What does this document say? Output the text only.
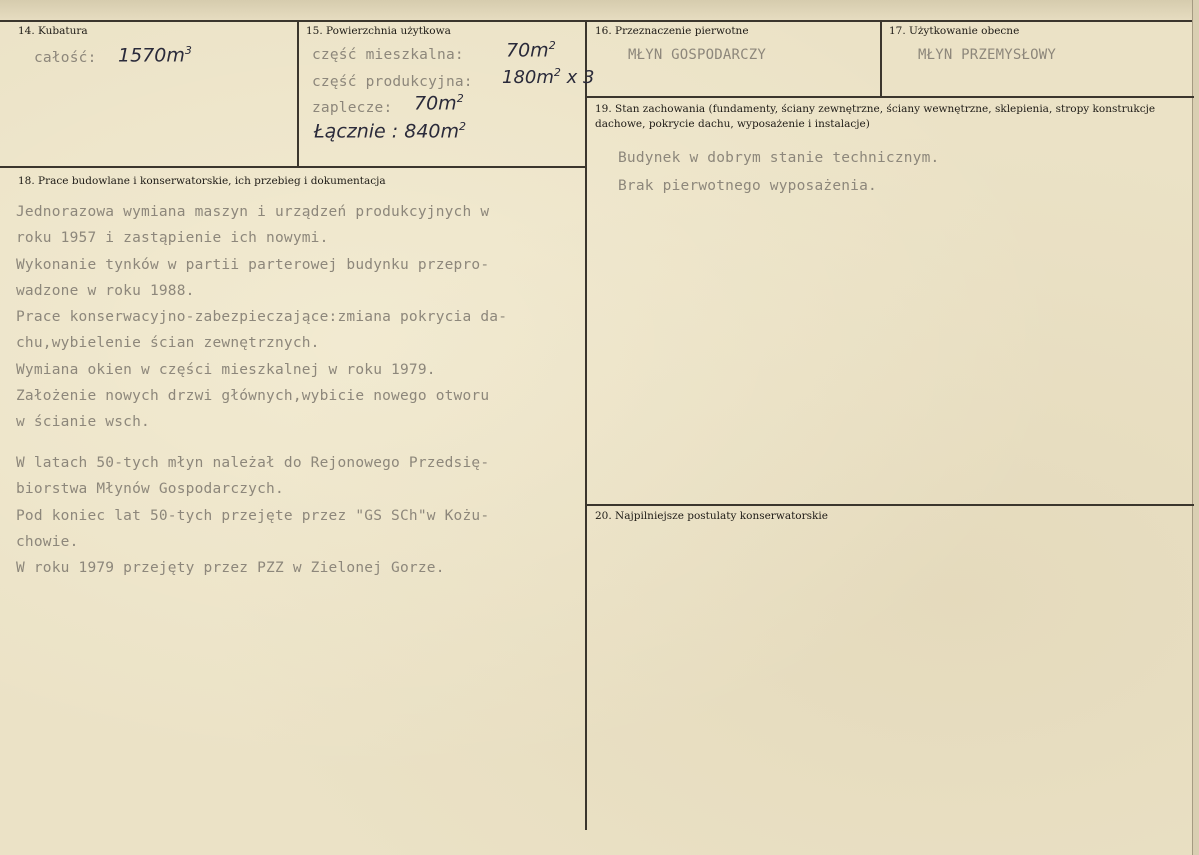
14. Kubatura
całość: $1570m^3$
15. Powierzchnia użytkowa
część mieszkalna: $70m^2$
część produkcyjna: $180m^2$ x 3
zaplecze: $70m^2$
Łącznie : $840m^2$
16. Przeznaczenie pierwotne
MŁYN GOSPODARCZY
17. Użytkowanie obecne
MŁYN PRZEMYSŁOWY
19. Stan zachowania (fundamenty, ściany zewnętrzne, ściany wewnętrzne, sklepienia, stropy konstrukcje dachowe, pokrycie dachu, wyposażenie i instalacje)
Budynek w dobrym stanie technicznym.
Brak pierwotnego wyposażenia.
18. Prace budowlane i konserwatorskie, ich przebieg i dokumentacja
Jednorazowa wymiana maszyn i urządzeń produkcyjnych w
roku 1957 i zastąpienie ich nowymi.
Wykonanie tynków w partii parterowej budynku przepro-
wadzone w roku 1988.
Prace konserwacyjno-zabezpieczające:zmiana pokrycia da-
chu,wybielenie ścian zewnętrznych.
Wymiana okien w części mieszkalnej w roku 1979.
Założenie nowych drzwi głównych,wybicie nowego otworu
w ścianie wsch.
W latach 50-tych młyn należał do Rejonowego Przedsię-
biorstwa Młynów Gospodarczych.
Pod koniec lat 50-tych przejęte przez "GS SCh"w Kożu-
chowie.
W roku 1979 przejęty przez PZZ w Zielonej Gorze.
20. Najpilniejsze postulaty konserwatorskie
